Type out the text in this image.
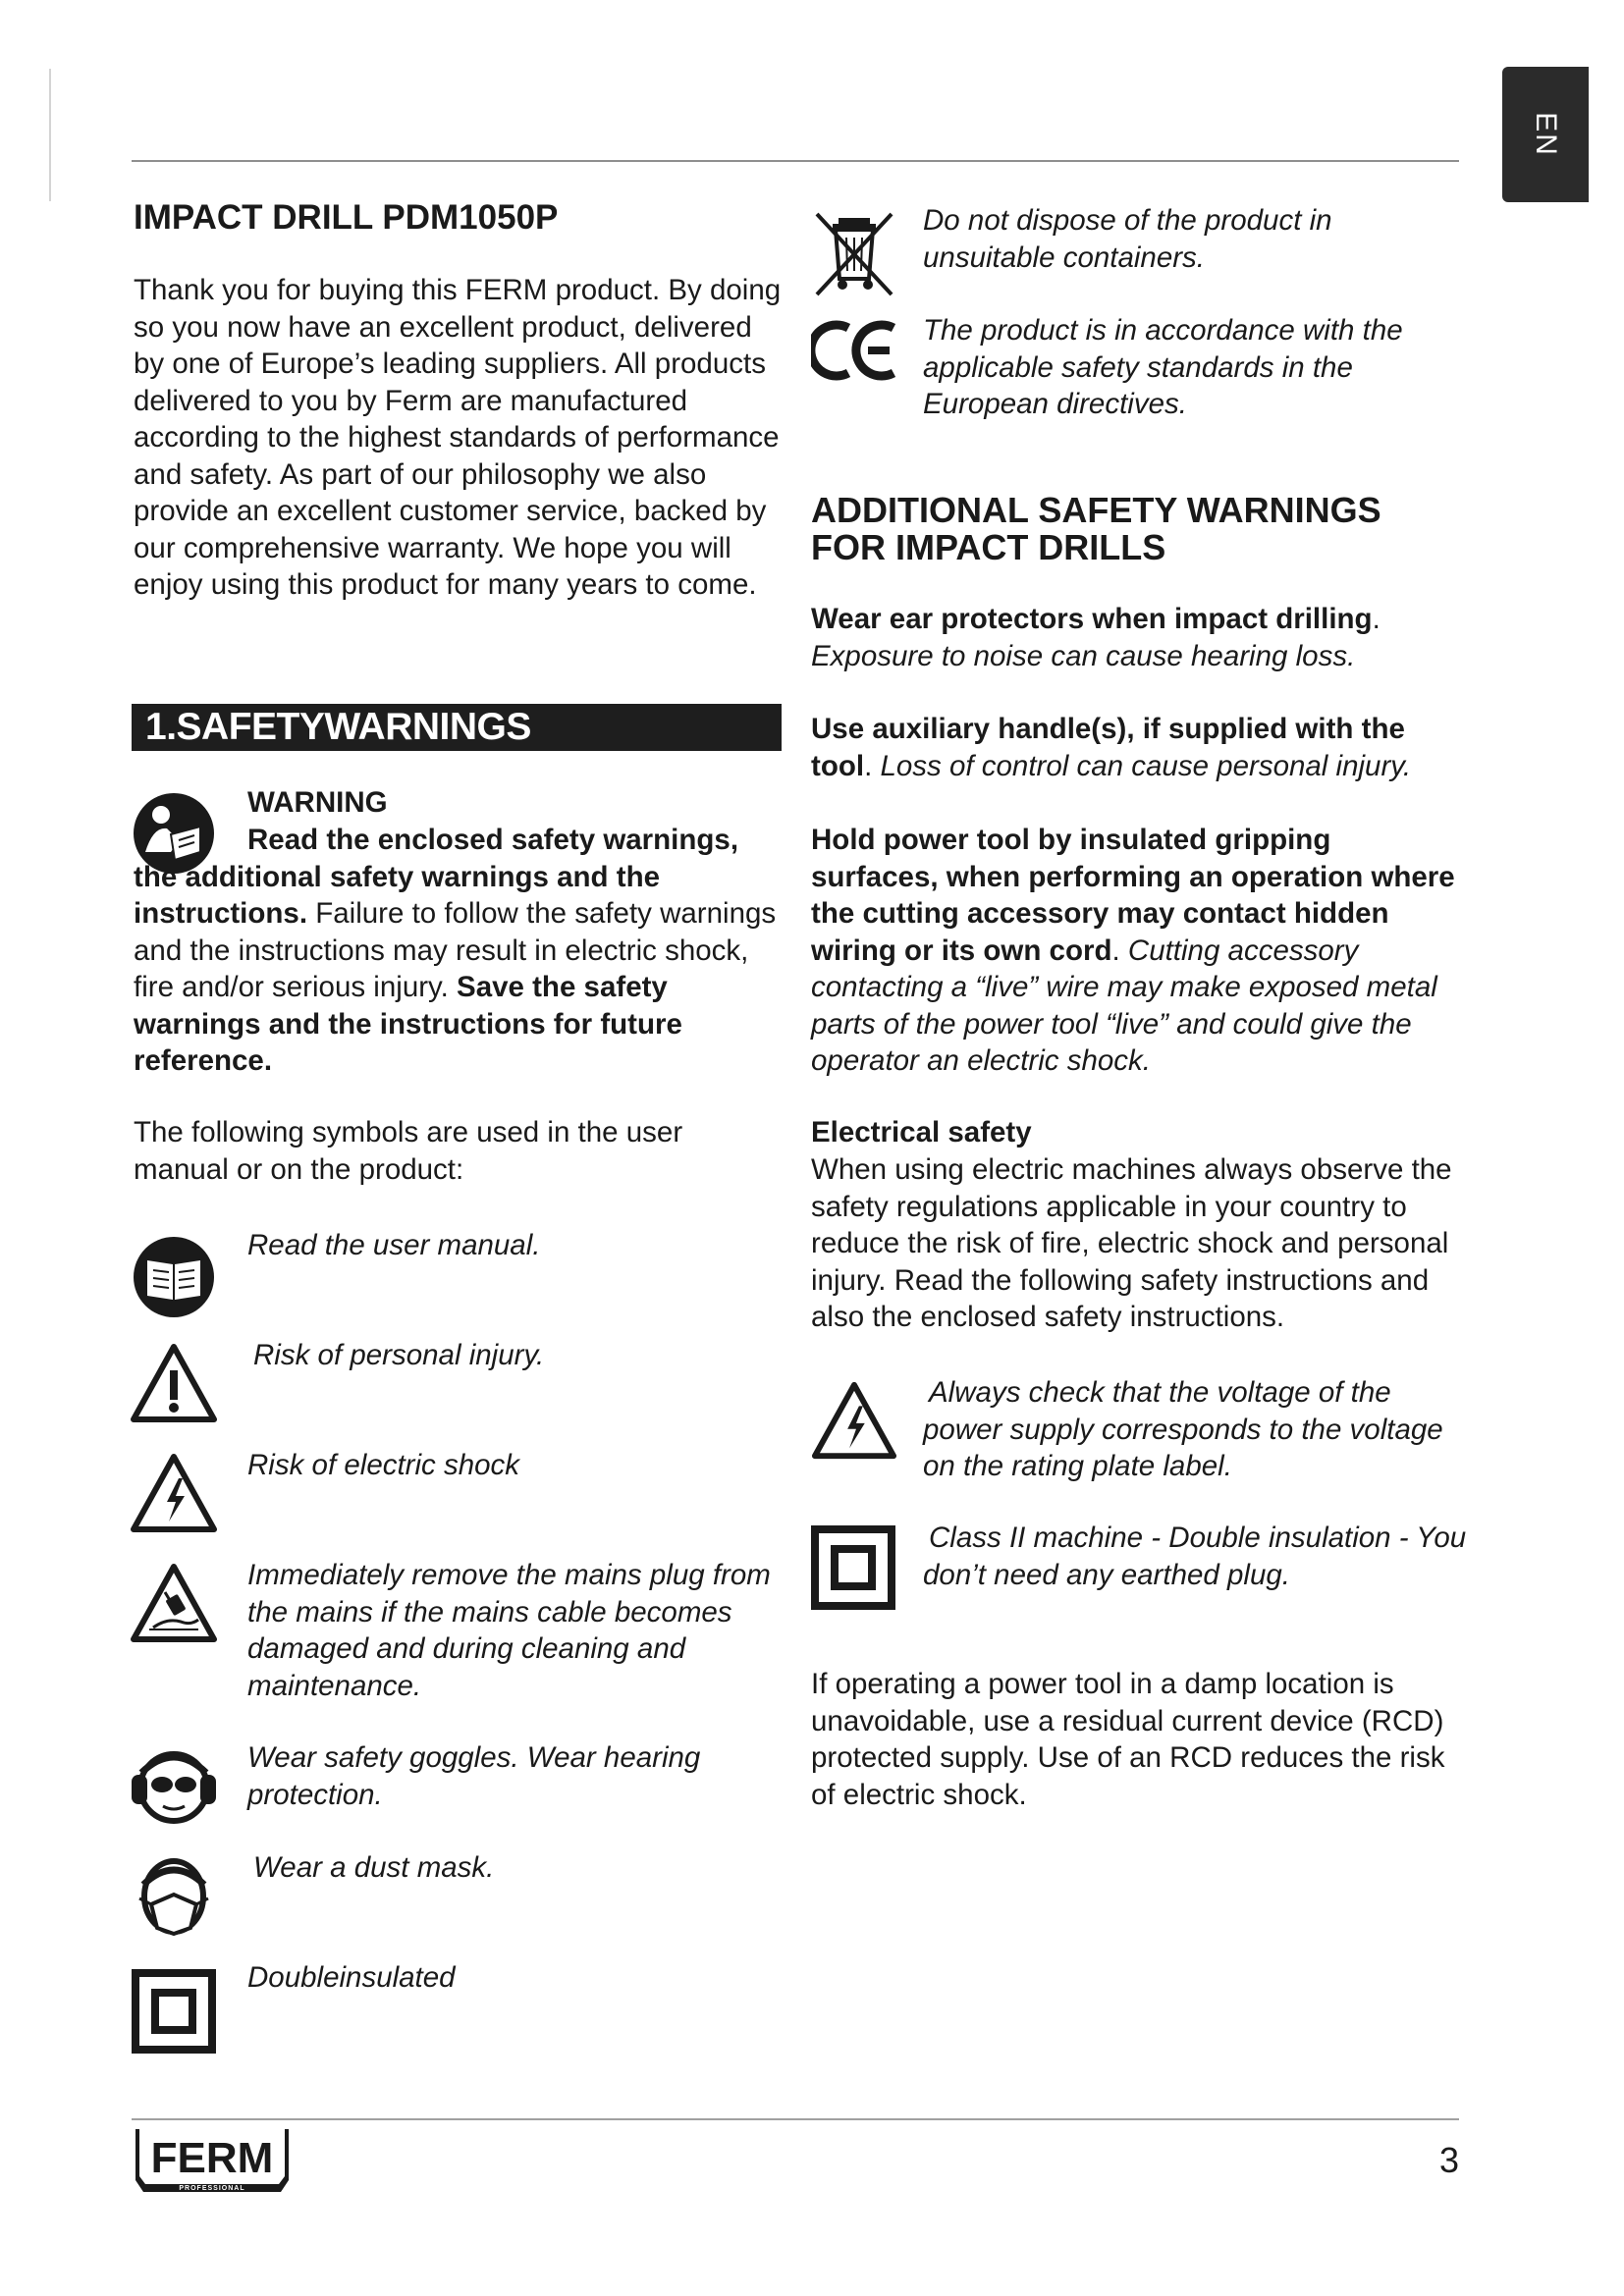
EN
IMPACT DRILL PDM1050P

Thank you for buying this FERM product. By doing so you now have an excellent product, delivered by one of Europe’s leading suppliers. All products delivered to you by Ferm are manufactured according to the highest standards of performance and safety. As part of our philosophy we also provide an excellent customer service, backed by our comprehensive warranty. We hope you will enjoy using this product for many years to come.

1.SAFETYWARNINGS
WARNING

Read the enclosed safety warnings, the additional safety warnings and the instructions. Failure to follow the safety warnings and the instructions may result in electric shock, fire and/or serious injury. Save the safety warnings and the instructions for future reference.

The following symbols are used in the user manual or on the product:

Read the user manual.

Risk of personal injury.

Risk of electric shock

Immediately remove the mains plug from the mains if the mains cable becomes damaged and during cleaning and maintenance.

Wear safety goggles. Wear hearing protection.

Wear a dust mask.

Doubleinsulated

Do not dispose of the product in unsuitable containers.

The product is in accordance with the applicable safety standards in the European directives.

ADDITIONAL SAFETY WARNINGS
FOR IMPACT DRILLS

Wear ear protectors when impact drilling.
Exposure to noise can cause hearing loss.

Use auxiliary handle(s), if supplied with the tool. Loss of control can cause personal injury.

Hold power tool by insulated gripping surfaces, when performing an operation where the cutting accessory may contact hidden wiring or its own cord. Cutting accessory contacting a “live” wire may make exposed metal parts of the power tool “live” and could give the operator an electric shock.

Electrical safety

When using electric machines always observe the safety regulations applicable in your country to reduce the risk of fire, electric shock and personal injury. Read the following safety instructions and also the enclosed safety instructions.

Always check that the voltage of the power supply corresponds to the voltage on the rating plate label.

Class II machine - Double insulation - You don’t need any earthed plug.

If operating a power tool in a damp location is unavoidable, use a residual current device (RCD) protected supply. Use of an RCD reduces the risk of electric shock.

FERM
PROFESSIONAL
3
